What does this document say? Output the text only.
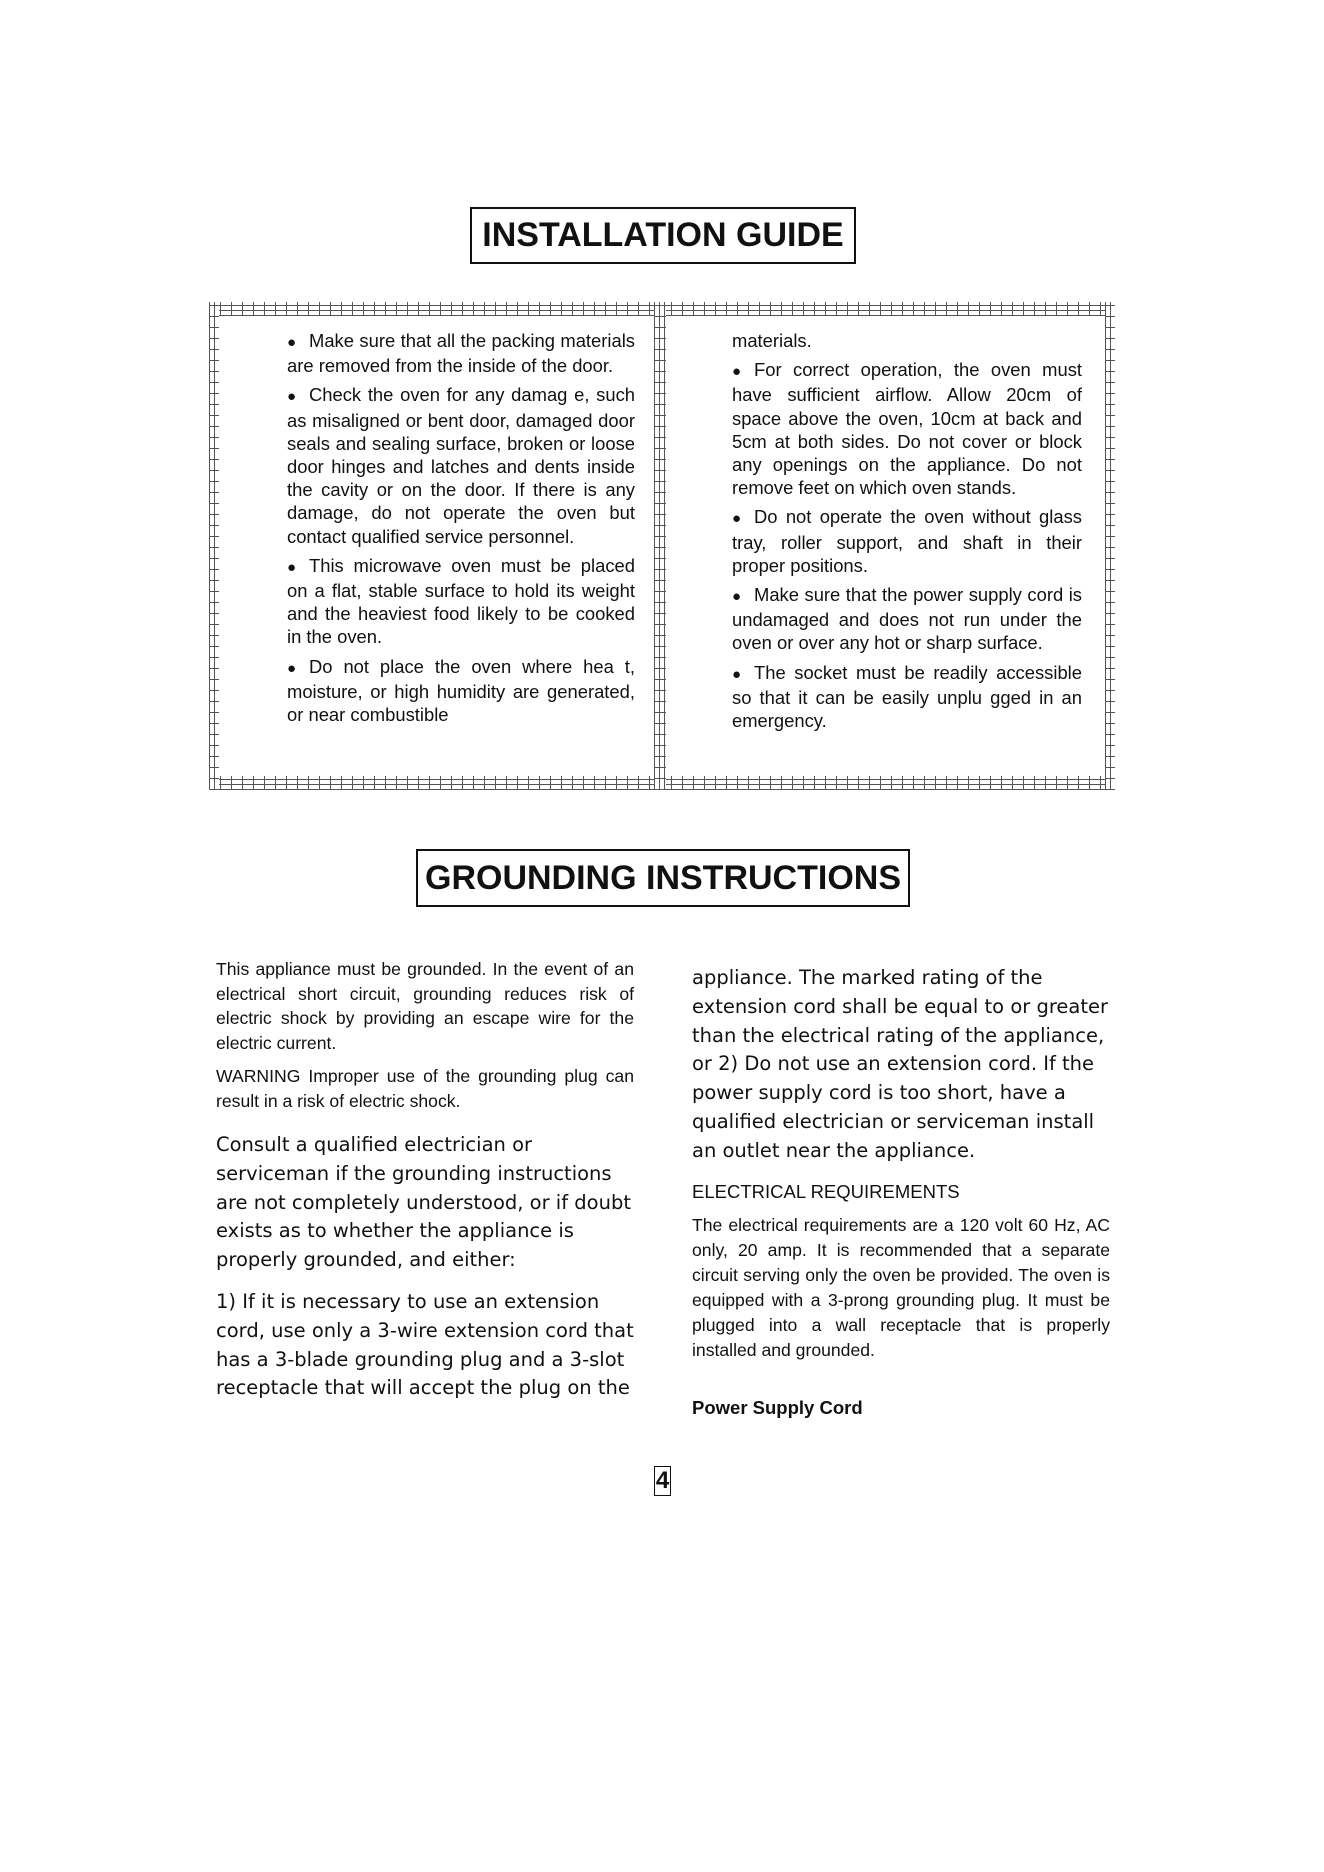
INSTALLATION GUIDE

● Make sure that all the packing materials are removed from the inside of the door.

● Check the oven for any damag e, such as misaligned or bent door, damaged door seals and sealing surface, broken or loose door hinges and latches and dents inside the cavity or on the door. If there is any damage, do not operate the oven but contact qualified service personnel.

● This microwave oven must be placed on a flat, stable surface to hold its weight and the heaviest food likely to be cooked in the oven.

● Do not place the oven where hea t, moisture, or high humidity are generated, or near combustible

materials.

● For correct operation, the oven must have sufficient airflow. Allow 20cm of space above the oven, 10cm at back and 5cm at both sides. Do not cover or block any openings on the appliance. Do not remove feet on which oven stands.

● Do not operate the oven without glass tray, roller support, and shaft in their proper positions.

● Make sure that the power supply cord is undamaged and does not run under the oven or over any hot or sharp surface.

● The socket must be readily accessible so that it can be easily unplu gged in an emergency.

GROUNDING INSTRUCTIONS
This appliance must be grounded. In the event of an electrical short circuit, grounding reduces risk of electric shock by providing an escape wire for the electric current.
WARNING Improper use of the grounding plug can result in a risk of electric shock.
Consult a qualified electrician or serviceman if the grounding instructions are not completely understood, or if doubt exists as to whether the appliance is properly grounded, and either:
1) If it is necessary to use an extension cord, use only a 3-wire extension cord that has a 3-blade grounding plug and a 3-slot receptacle that will accept the plug on the
appliance. The marked rating of the extension cord shall be equal to or greater than the electrical rating of the appliance, or 2) Do not use an extension cord. If the power supply cord is too short, have a qualified electrician or serviceman install an outlet near the appliance.
ELECTRICAL REQUIREMENTS
The electrical requirements are a 120 volt 60 Hz, AC only, 20 amp. It is recommended that a separate circuit serving only the oven be provided. The oven is equipped with a 3-prong grounding plug. It must be plugged into a wall receptacle that is properly installed and grounded.
Power Supply Cord
4
